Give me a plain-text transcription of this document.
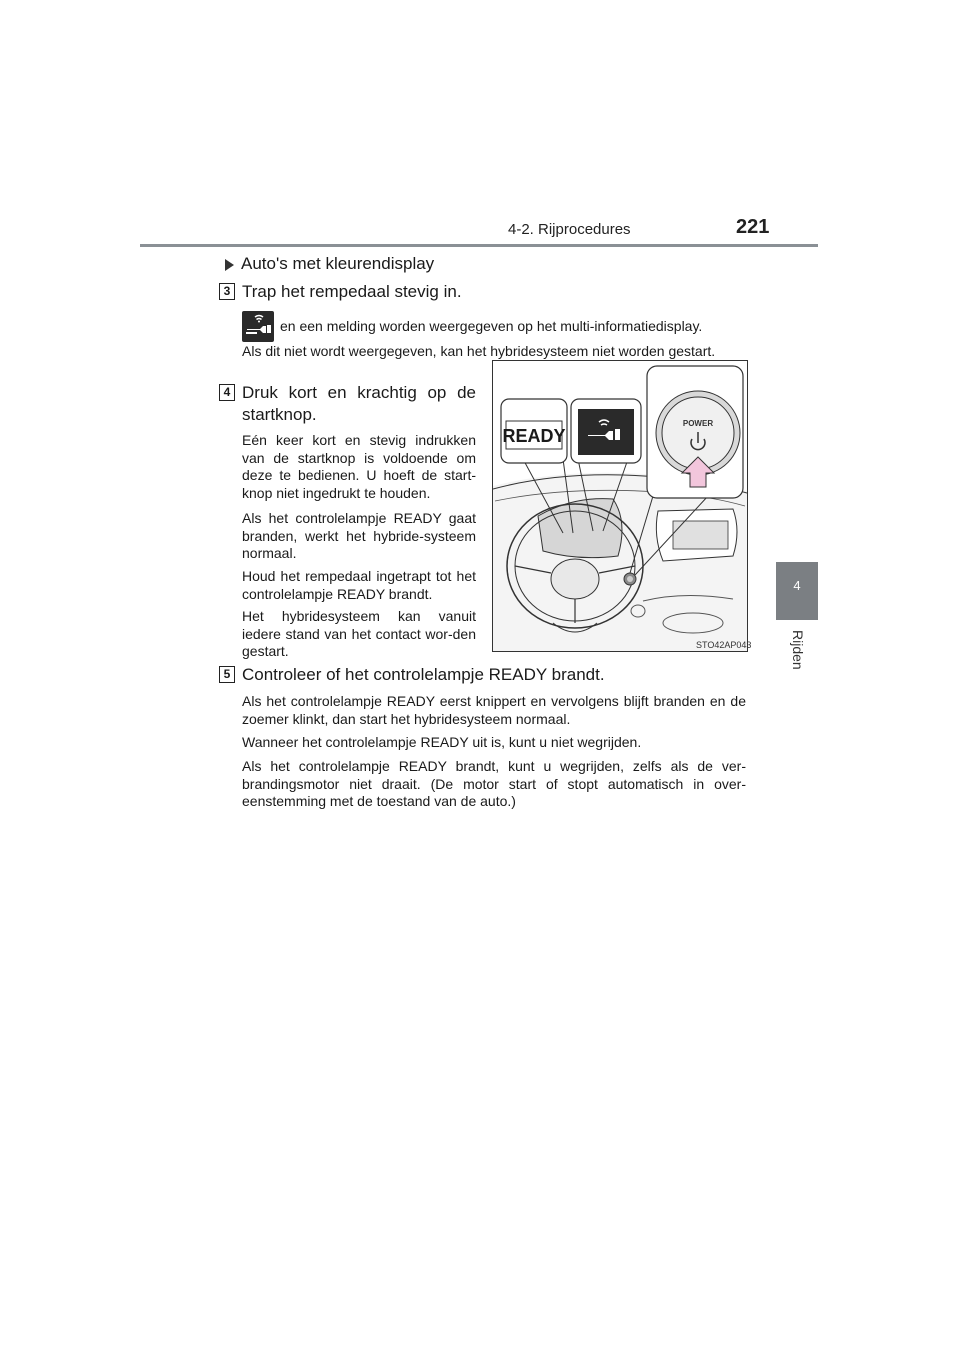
4-2. Rijprocedures	221
4
Rijden
Auto's met kleurendisplay
3 Trap het rempedaal stevig in.
en een melding worden weergegeven op het multi-informatiedisplay.
Als dit niet wordt weergegeven, kan het hybridesysteem niet worden gestart.
4 Druk kort en krachtig op de
startknop.
Eén keer kort en stevig indrukken van de startknop is voldoende om deze te bedienen. U hoeft de start-knop niet ingedrukt te houden.
Als het controlelampje READY gaat branden, werkt het hybride-systeem normaal.
Houd het rempedaal ingetrapt tot het controlelampje READY brandt.
Het hybridesysteem kan vanuit iedere stand van het contact wor-den gestart.
READY
POWER
STO42AP043
5 Controleer of het controlelampje READY brandt.
Als het controlelampje READY eerst knippert en vervolgens blijft branden en de zoemer klinkt, dan start het hybridesysteem normaal.
Wanneer het controlelampje READY uit is, kunt u niet wegrijden.
Als het controlelampje READY brandt, kunt u wegrijden, zelfs als de ver-brandingsmotor niet draait. (De motor start of stopt automatisch in over-eenstemming met de toestand van de auto.)
